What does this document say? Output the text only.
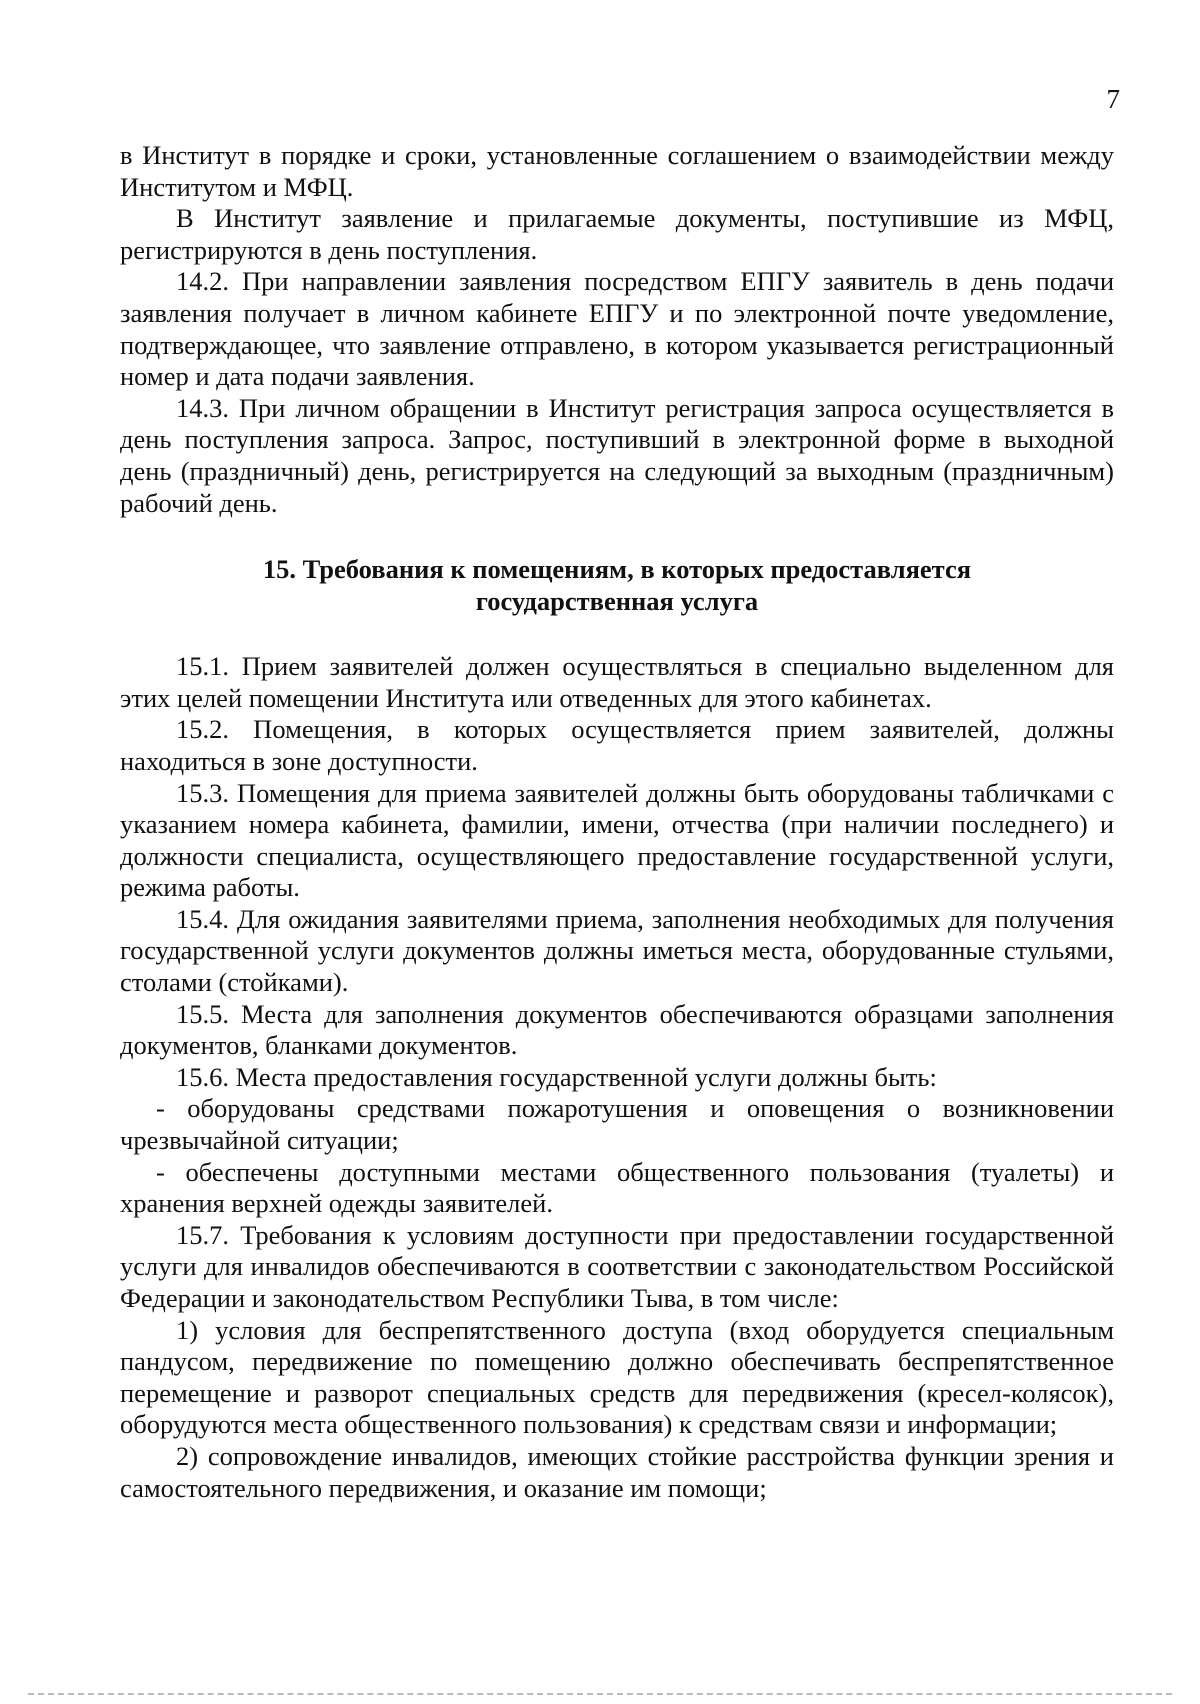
7

в Институт в порядке и сроки, установленные соглашением о взаимодействии между Институтом и МФЦ.

В Институт заявление и прилагаемые документы, поступившие из МФЦ, регистрируются в день поступления.

14.2. При направлении заявления посредством ЕПГУ заявитель в день подачи заявления получает в личном кабинете ЕПГУ и по электронной почте уведомление, подтверждающее, что заявление отправлено, в котором указывается регистрационный номер и дата подачи заявления.

14.3. При личном обращении в Институт регистрация запроса осуществляется в день поступления запроса. Запрос, поступивший в электронной форме в выходной день (праздничный) день, регистрируется на следующий за выходным (праздничным) рабочий день.

15. Требования к помещениям, в которых предоставляется государственная услуга

15.1. Прием заявителей должен осуществляться в специально выделенном для этих целей помещении Института или отведенных для этого кабинетах.

15.2. Помещения, в которых осуществляется прием заявителей, должны находиться в зоне доступности.

15.3. Помещения для приема заявителей должны быть оборудованы табличками с указанием номера кабинета, фамилии, имени, отчества (при наличии последнего) и должности специалиста, осуществляющего предоставление государственной услуги, режима работы.

15.4. Для ожидания заявителями приема, заполнения необходимых для получения государственной услуги документов должны иметься места, оборудованные стульями, столами (стойками).

15.5. Места для заполнения документов обеспечиваются образцами заполнения документов, бланками документов.

15.6. Места предоставления государственной услуги должны быть:

- оборудованы средствами пожаротушения и оповещения о возникновении чрезвычайной ситуации;

- обеспечены доступными местами общественного пользования (туалеты) и хранения верхней одежды заявителей.

15.7. Требования к условиям доступности при предоставлении государственной услуги для инвалидов обеспечиваются в соответствии с законодательством Российской Федерации и законодательством Республики Тыва, в том числе:

1) условия для беспрепятственного доступа (вход оборудуется специальным пандусом, передвижение по помещению должно обеспечивать беспрепятственное перемещение и разворот специальных средств для передвижения (кресел-колясок), оборудуются места общественного пользования) к средствам связи и информации;

2) сопровождение инвалидов, имеющих стойкие расстройства функции зрения и самостоятельного передвижения, и оказание им помощи;
